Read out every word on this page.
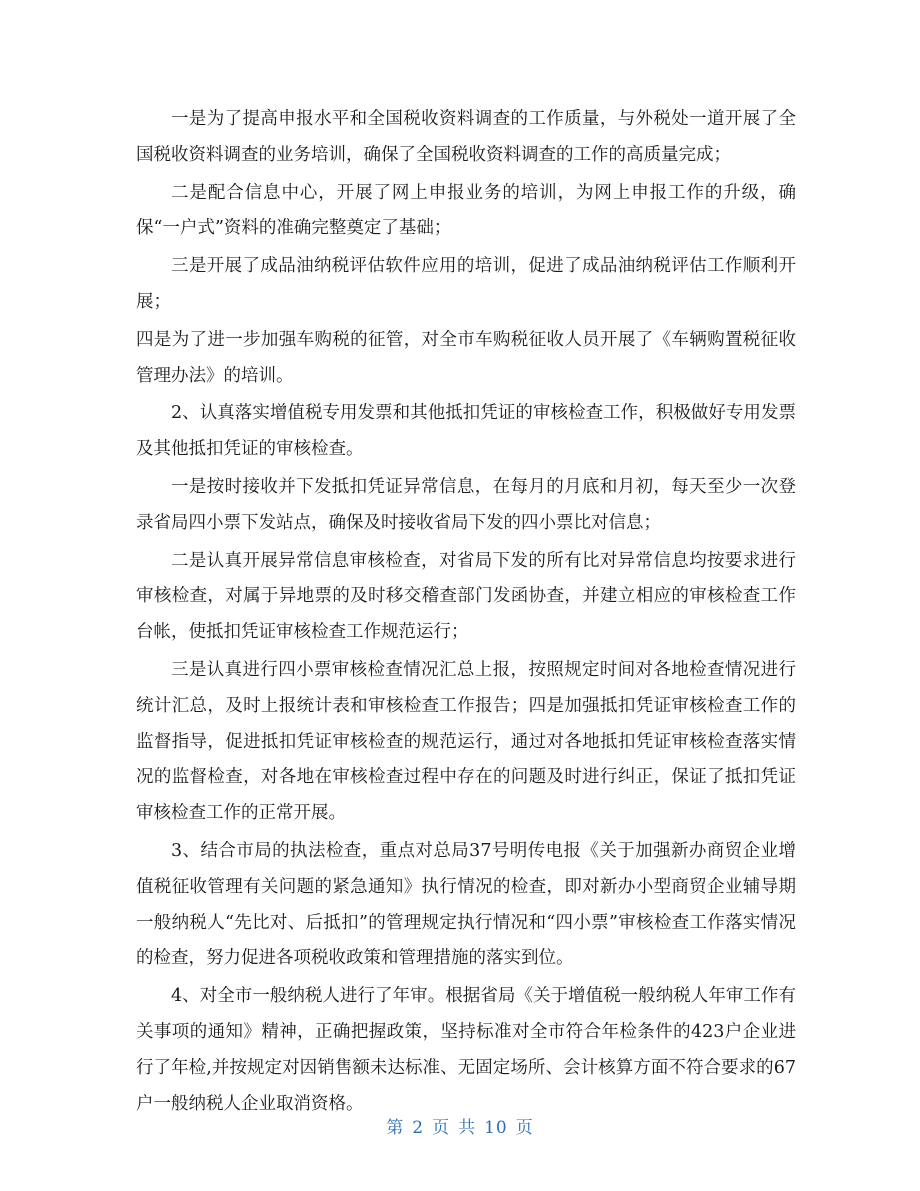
一是为了提高申报水平和全国税收资料调查的工作质量，与外税处一道开展了全国税收资料调查的业务培训，确保了全国税收资料调查的工作的高质量完成；

二是配合信息中心，开展了网上申报业务的培训，为网上申报工作的升级，确保“一户式”资料的准确完整奠定了基础；

三是开展了成品油纳税评估软件应用的培训，促进了成品油纳税评估工作顺利开展；

四是为了进一步加强车购税的征管，对全市车购税征收人员开展了《车辆购置税征收管理办法》的培训。

2、认真落实增值税专用发票和其他抵扣凭证的审核检查工作，积极做好专用发票及其他抵扣凭证的审核检查。

一是按时接收并下发抵扣凭证异常信息，在每月的月底和月初，每天至少一次登录省局四小票下发站点，确保及时接收省局下发的四小票比对信息；

二是认真开展异常信息审核检查，对省局下发的所有比对异常信息均按要求进行审核检查，对属于异地票的及时移交稽查部门发函协查，并建立相应的审核检查工作台帐，使抵扣凭证审核检查工作规范运行；

三是认真进行四小票审核检查情况汇总上报，按照规定时间对各地检查情况进行统计汇总，及时上报统计表和审核检查工作报告；四是加强抵扣凭证审核检查工作的监督指导，促进抵扣凭证审核检查的规范运行，通过对各地抵扣凭证审核检查落实情况的监督检查，对各地在审核检查过程中存在的问题及时进行纠正，保证了抵扣凭证审核检查工作的正常开展。

3、结合市局的执法检查，重点对总局37号明传电报《关于加强新办商贸企业增值税征收管理有关问题的紧急通知》执行情况的检查，即对新办小型商贸企业辅导期一般纳税人“先比对、后抵扣”的管理规定执行情况和“四小票”审核检查工作落实情况的检查，努力促进各项税收政策和管理措施的落实到位。

4、对全市一般纳税人进行了年审。根据省局《关于增值税一般纳税人年审工作有关事项的通知》精神，正确把握政策，坚持标准对全市符合年检条件的423户企业进行了年检,并按规定对因销售额未达标准、无固定场所、会计核算方面不符合要求的67户一般纳税人企业取消资格。

第 2 页 共 10 页
